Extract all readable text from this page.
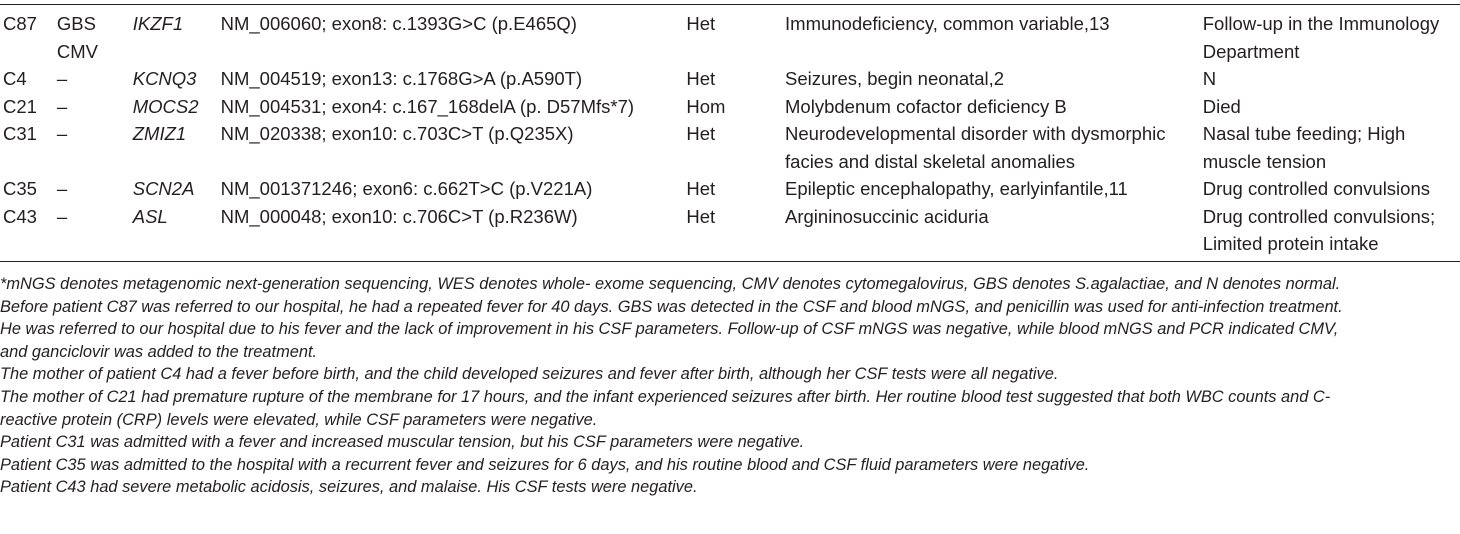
C87	GBS CMV	IKZF1	NM_006060; exon8: c.1393G>C (p.E465Q)	Het	Immunodeficiency, common variable,13	Follow-up in the Immunology Department
C4	–	KCNQ3	NM_004519; exon13: c.1768G>A (p.A590T)	Het	Seizures, begin neonatal,2	N
C21	–	MOCS2	NM_004531; exon4: c.167_168delA (p. D57Mfs*7)	Hom	Molybdenum cofactor deficiency B	Died
C31	–	ZMIZ1	NM_020338; exon10: c.703C>T (p.Q235X)	Het	Neurodevelopmental disorder with dysmorphic facies and distal skeletal anomalies	Nasal tube feeding; High muscle tension
C35	–	SCN2A	NM_001371246; exon6: c.662T>C (p.V221A)	Het	Epileptic encephalopathy, earlyinfantile,11	Drug controlled convulsions
C43	–	ASL	NM_000048; exon10: c.706C>T (p.R236W)	Het	Argininosuccinic aciduria	Drug controlled convulsions; Limited protein intake

*mNGS denotes metagenomic next-generation sequencing, WES denotes whole- exome sequencing, CMV denotes cytomegalovirus, GBS denotes S.agalactiae, and N denotes normal.

Before patient C87 was referred to our hospital, he had a repeated fever for 40 days. GBS was detected in the CSF and blood mNGS, and penicillin was used for anti-infection treatment.

He was referred to our hospital due to his fever and the lack of improvement in his CSF parameters. Follow-up of CSF mNGS was negative, while blood mNGS and PCR indicated CMV,

and ganciclovir was added to the treatment.

The mother of patient C4 had a fever before birth, and the child developed seizures and fever after birth, although her CSF tests were all negative.

The mother of C21 had premature rupture of the membrane for 17 hours, and the infant experienced seizures after birth. Her routine blood test suggested that both WBC counts and C-

reactive protein (CRP) levels were elevated, while CSF parameters were negative.

Patient C31 was admitted with a fever and increased muscular tension, but his CSF parameters were negative.

Patient C35 was admitted to the hospital with a recurrent fever and seizures for 6 days, and his routine blood and CSF fluid parameters were negative.

Patient C43 had severe metabolic acidosis, seizures, and malaise. His CSF tests were negative.
